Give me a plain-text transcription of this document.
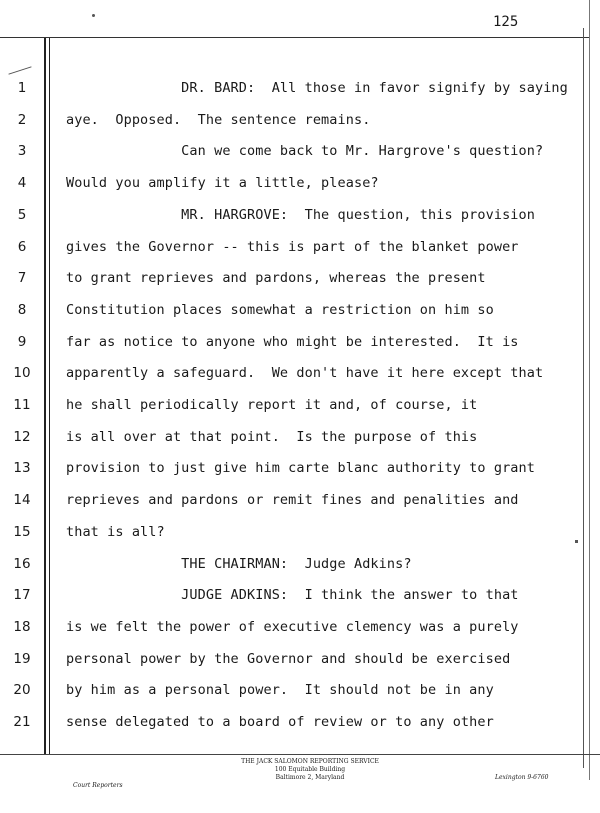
125
1	DR. BARD:  All those in favor signify by saying
2	aye.  Opposed.  The sentence remains.
3	Can we come back to Mr. Hargrove's question?
4	Would you amplify it a little, please?
5	MR. HARGROVE:  The question, this provision
6	gives the Governor -- this is part of the blanket power
7	to grant reprieves and pardons, whereas the present
8	Constitution places somewhat a restriction on him so
9	far as notice to anyone who might be interested.  It is
10	apparently a safeguard.  We don't have it here except that
11	he shall periodically report it and, of course, it
12	is all over at that point.  Is the purpose of this
13	provision to just give him carte blanc authority to grant
14	reprieves and pardons or remit fines and penalities and
15	that is all?
16	THE CHAIRMAN:  Judge Adkins?
17	JUDGE ADKINS:  I think the answer to that
18	is we felt the power of executive clemency was a purely
19	personal power by the Governor and should be exercised
20	by him as a personal power.  It should not be in any
21	sense delegated to a board of review or to any other
THE JACK SALOMON REPORTING SERVICE
100 Equitable Building
Baltimore 2, Maryland
Court Reporters
Lexington 9-6760
